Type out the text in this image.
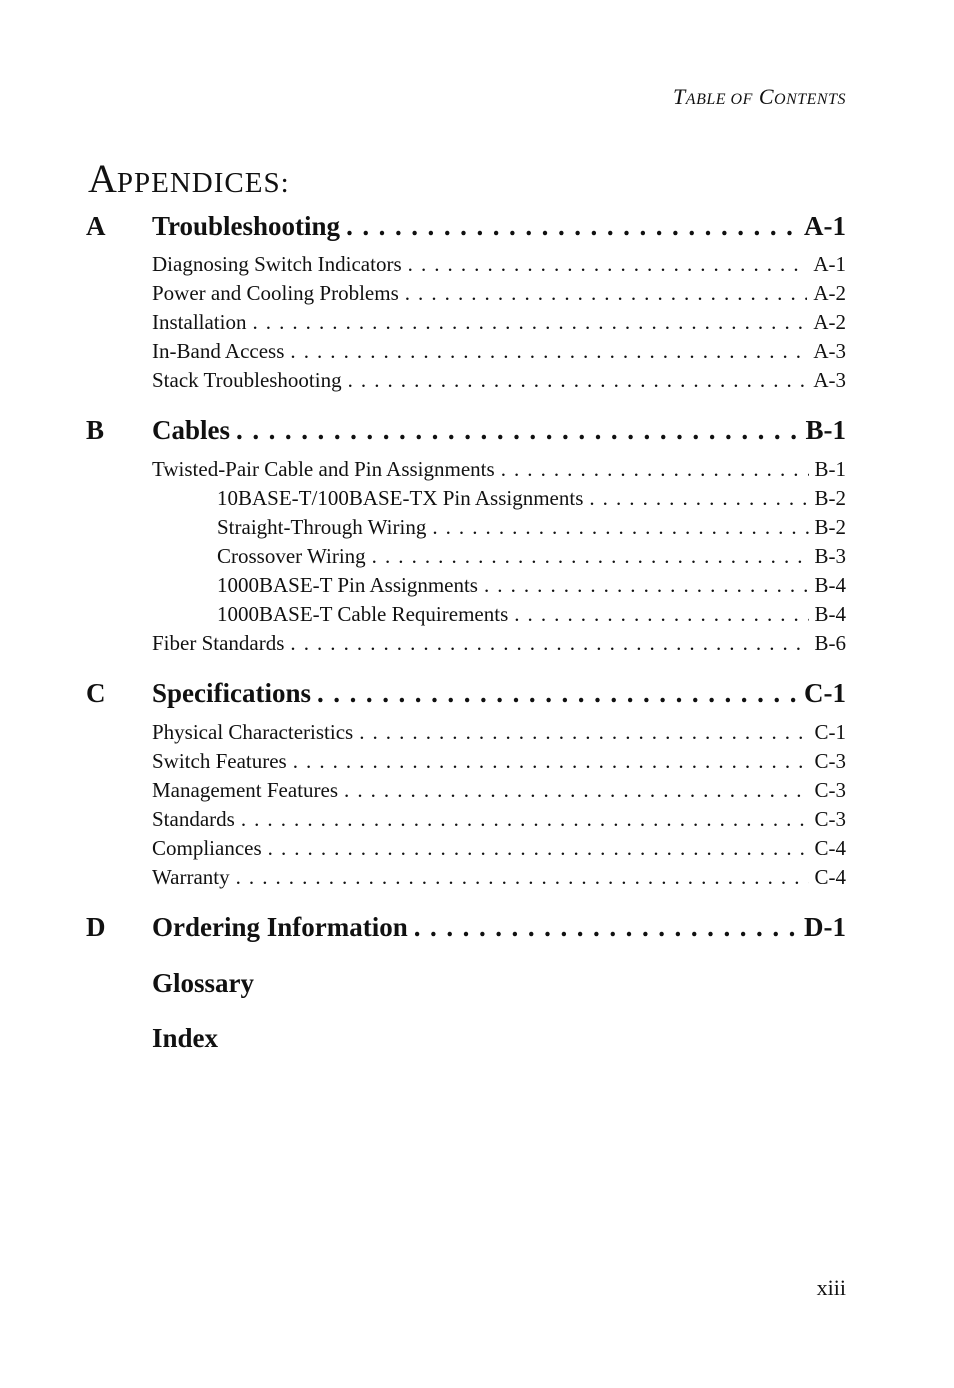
TABLE OF CONTENTS
APPENDICES:
A Troubleshooting . . .	A-1
Diagnosing Switch Indicators . . .	A-1
Power and Cooling Problems . . .	A-2
Installation . . .	A-2
In-Band Access . . .	A-3
Stack Troubleshooting . . .	A-3
B Cables . . .	B-1
Twisted-Pair Cable and Pin Assignments . . .	B-1
10BASE-T/100BASE-TX Pin Assignments . . .	B-2
Straight-Through Wiring . . .	B-2
Crossover Wiring . . .	B-3
1000BASE-T Pin Assignments . . .	B-4
1000BASE-T Cable Requirements . . .	B-4
Fiber Standards . . .	B-6
C Specifications . . .	C-1
Physical Characteristics . . .	C-1
Switch Features . . .	C-3
Management Features . . .	C-3
Standards . . .	C-3
Compliances . . .	C-4
Warranty . . .	C-4
D Ordering Information . . .	D-1
Glossary
Index
xiii
